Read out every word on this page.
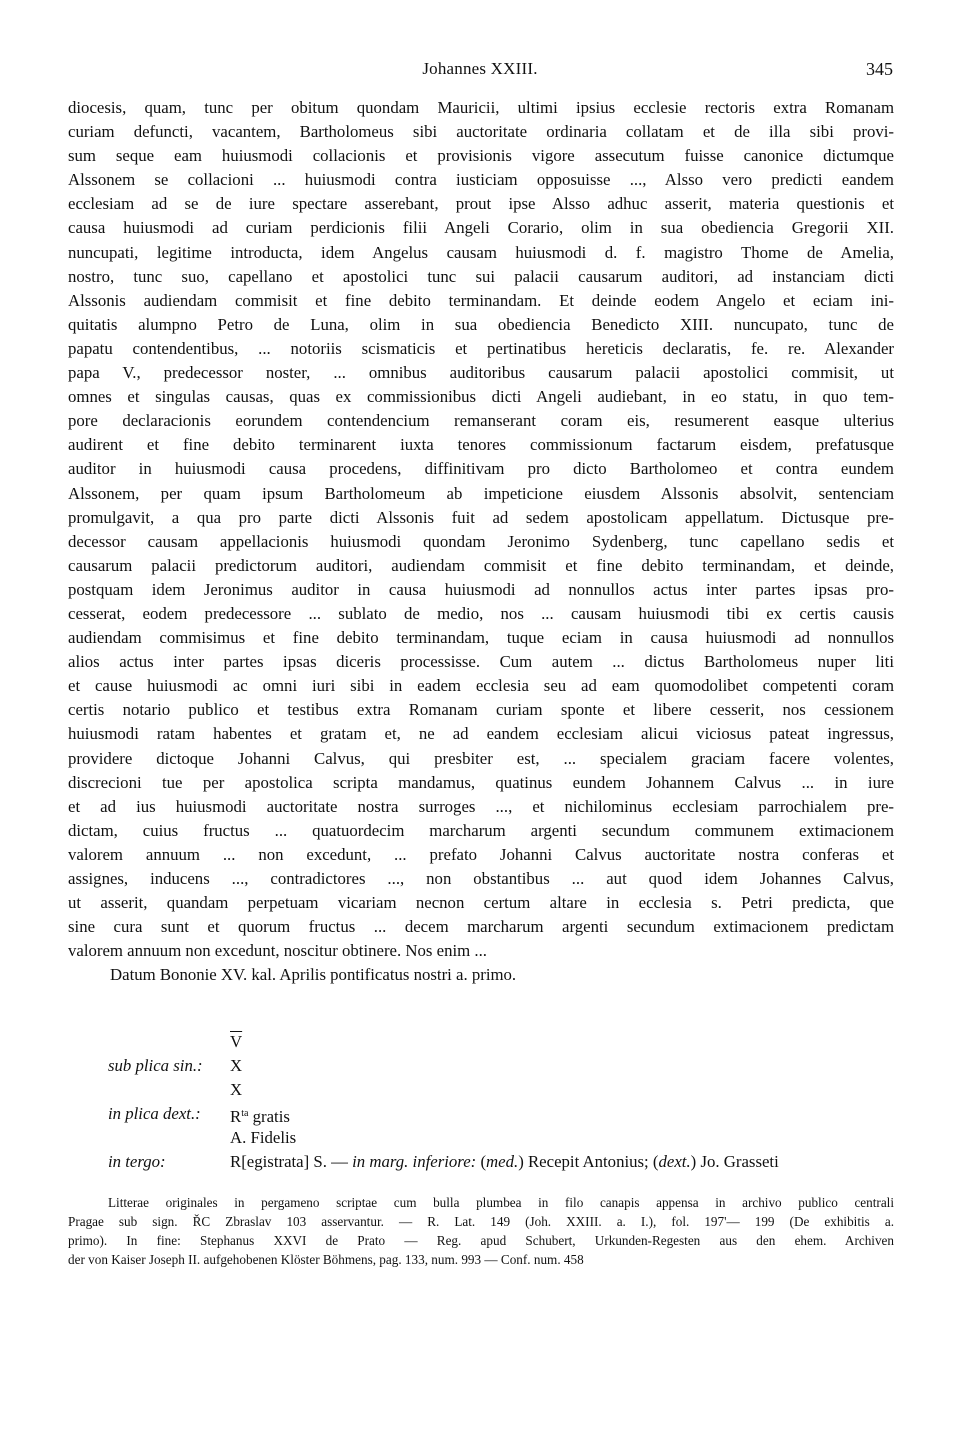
Johannes XXIII.	345
diocesis, quam, tunc per obitum quondam Mauricii, ultimi ipsius ecclesie rectoris extra Romanam
curiam defuncti, vacantem, Bartholomeus sibi auctoritate ordinaria collatam et de illa sibi provi-
sum seque eam huiusmodi collacionis et provisionis vigore assecutum fuisse canonice dictumque
Alssonem se collacioni ... huiusmodi contra iusticiam opposuisse ..., Alsso vero predicti eandem
ecclesiam ad se de iure spectare asserebant, prout ipse Alsso adhuc asserit, materia questionis et
causa huiusmodi ad curiam perdicionis filii Angeli Corario, olim in sua obediencia Gregorii XII.
nuncupati, legitime introducta, idem Angelus causam huiusmodi d. f. magistro Thome de Amelia,
nostro, tunc suo, capellano et apostolici tunc sui palacii causarum auditori, ad instanciam dicti
Alssonis audiendam commisit et fine debito terminandam. Et deinde eodem Angelo et eciam ini-
quitatis alumpno Petro de Luna, olim in sua obediencia Benedicto XIII. nuncupato, tunc de
papatu contendentibus, ... notoriis scismaticis et pertinatibus hereticis declaratis, fe. re. Alexander
papa V., predecessor noster, ... omnibus auditoribus causarum palacii apostolici commisit, ut
omnes et singulas causas, quas ex commissionibus dicti Angeli audiebant, in eo statu, in quo tem-
pore declaracionis eorundem contendencium remanserant coram eis, resumerent easque ulterius
audirent et fine debito terminarent iuxta tenores commissionum factarum eisdem, prefatusque
auditor in huiusmodi causa procedens, diffinitivam pro dicto Bartholomeo et contra eundem
Alssonem, per quam ipsum Bartholomeum ab impeticione eiusdem Alssonis absolvit, sentenciam
promulgavit, a qua pro parte dicti Alssonis fuit ad sedem apostolicam appellatum. Dictusque pre-
decessor causam appellacionis huiusmodi quondam Jeronimo Sydenberg, tunc capellano sedis et
causarum palacii predictorum auditori, audiendam commisit et fine debito terminandam, et deinde,
postquam idem Jeronimus auditor in causa huiusmodi ad nonnullos actus inter partes ipsas pro-
cesserat, eodem predecessore ... sublato de medio, nos ... causam huiusmodi tibi ex certis causis
audiendam commisimus et fine debito terminandam, tuque eciam in causa huiusmodi ad nonnullos
alios actus inter partes ipsas diceris processisse. Cum autem ... dictus Bartholomeus nuper liti
et cause huiusmodi ac omni iuri sibi in eadem ecclesia seu ad eam quomodolibet competenti coram
certis notario publico et testibus extra Romanam curiam sponte et libere cesserit, nos cessionem
huiusmodi ratam habentes et gratam et, ne ad eandem ecclesiam alicui viciosus pateat ingressus,
providere dictoque Johanni Calvus, qui presbiter est, ... specialem graciam facere volentes,
discrecioni tue per apostolica scripta mandamus, quatinus eundem Johannem Calvus ... in iure
et ad ius huiusmodi auctoritate nostra surroges ..., et nichilominus ecclesiam parrochialem pre-
dictam, cuius fructus ... quatuordecim marcharum argenti secundum communem extimacionem
valorem annuum ... non excedunt, ... prefato Johanni Calvus auctoritate nostra conferas et
assignes, inducens ..., contradictores ..., non obstantibus ... aut quod idem Johannes Calvus,
ut asserit, quandam perpetuam vicariam necnon certum altare in ecclesia s. Petri predicta, que
sine cura sunt et quorum fructus ... decem marcharum argenti secundum extimacionem predictam
valorem annuum non excedunt, noscitur obtinere. Nos enim ...
Datum Bononie XV. kal. Aprilis pontificatus nostri a. primo.
$\overline{V}$
sub plica sin.:	X
X
in plica dext.:	$R^{ta}$ gratis
A. Fidelis
in tergo:	R[egistrata] S. — in marg. inferiore: (med.) Recepit Antonius; (dext.) Jo. Grasseti
Litterae originales in pergameno scriptae cum bulla plumbea in filo canapis appensa in archivo publico centrali
Pragae sub sign. ŘC Zbraslav 103 asservantur. — R. Lat. 149 (Joh. XXIII. a. I.), fol. 197'— 199 (De exhibitis a.
primo). In fine: Stephanus XXVI de Prato — Reg. apud Schubert, Urkunden-Regesten aus den ehem. Archiven
der von Kaiser Joseph II. aufgehobenen Klöster Böhmens, pag. 133, num. 993 — Conf. num. 458
